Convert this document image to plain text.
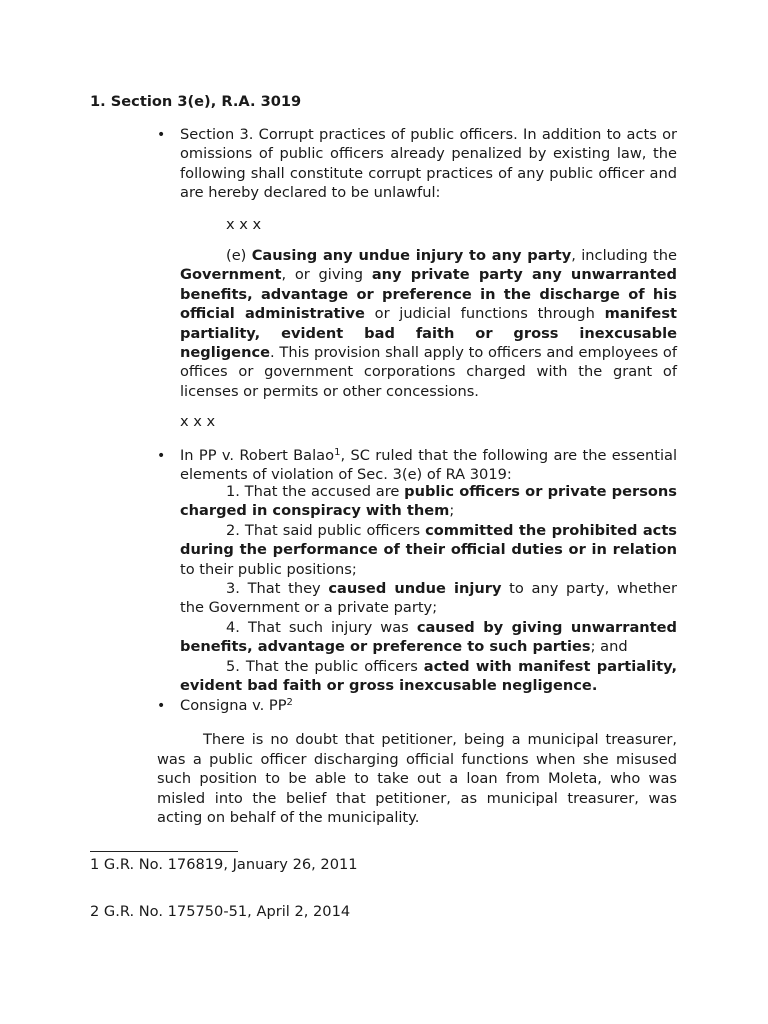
1. Section 3(e), R.A. 3019

• Section 3. Corrupt practices of public officers. In addition to acts or omissions of public officers already penalized by existing law, the following shall constitute corrupt practices of any public officer and are hereby declared to be unlawful:

x x x

(e) Causing any undue injury to any party, including the Government, or giving any private party any unwarranted benefits, advantage or preference in the discharge of his official administrative or judicial functions through manifest partiality, evident bad faith or gross inexcusable negligence. This provision shall apply to officers and employees of offices or government corporations charged with the grant of licenses or permits or other concessions.

x x x
• In PP v. Robert Balao$^1$, SC ruled that the following are the essential elements of violation of Sec. 3(e) of RA 3019:

1. That the accused are public officers or private persons charged in conspiracy with them;
2. That said public officers committed the prohibited acts during the performance of their official duties or in relation to their public positions;
3. That they caused undue injury to any party, whether the Government or a private party;
4. That such injury was caused by giving unwarranted benefits, advantage or preference to such parties; and
5. That the public officers acted with manifest partiality, evident bad faith or gross inexcusable negligence.
• Consigna v. $PP^2$

There is no doubt that petitioner, being a municipal treasurer, was a public officer discharging official functions when she misused such position to be able to take out a loan from Moleta, who was misled into the belief that petitioner, as municipal treasurer, was acting on behalf of the municipality.

1 G.R. No. 176819, January 26, 2011

2 G.R. No. 175750-51, April 2, 2014
